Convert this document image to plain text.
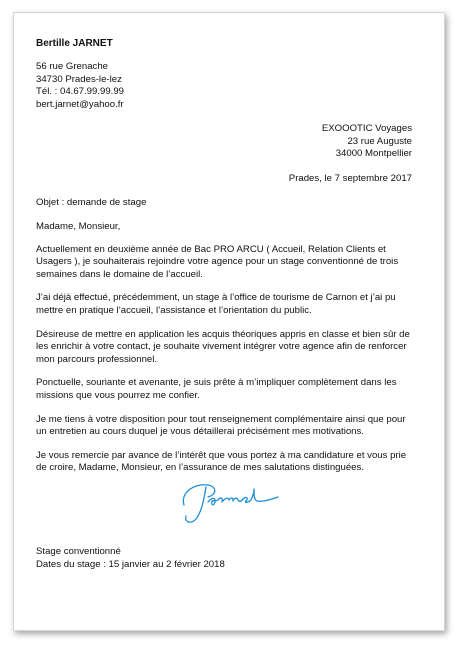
Bertille JARNET
56 rue Grenache
34730 Prades-le-lez
Tél. : 04.67.99.99.99
bert.jarnet@yahoo.fr
EXOOOTIC Voyages
23 rue Auguste
34000 Montpellier
Prades, le 7 septembre 2017
Objet : demande de stage

Madame, Monsieur,

Actuellement en deuxième année de Bac PRO ARCU ( Accueil, Relation Clients et Usagers ), je souhaiterais rejoindre votre agence pour un stage conventionné de trois semaines dans le domaine de l’accueil.

J’ai déjà effectué, précédemment, un stage à l’office de tourisme de Carnon et j’ai pu mettre en pratique l’accueil, l’assistance et l’orientation du public.

Désireuse de mettre en application les acquis théoriques appris en classe et bien sûr de les enrichir à votre contact, je souhaite vivement intégrer votre agence afin de renforcer mon parcours professionnel.

Ponctuelle, souriante et avenante, je suis prête à m’impliquer complètement dans les missions que vous pourrez me confier.

Je me tiens à votre disposition pour tout renseignement complémentaire ainsi que pour un entretien au cours duquel je vous détaillerai précisément mes motivations.

Je vous remercie par avance de l’intérêt que vous portez à ma candidature et vous prie de croire, Madame, Monsieur, en l’assurance de mes salutations distinguées.

Stage conventionné
Dates du stage : 15 janvier au 2 février 2018
